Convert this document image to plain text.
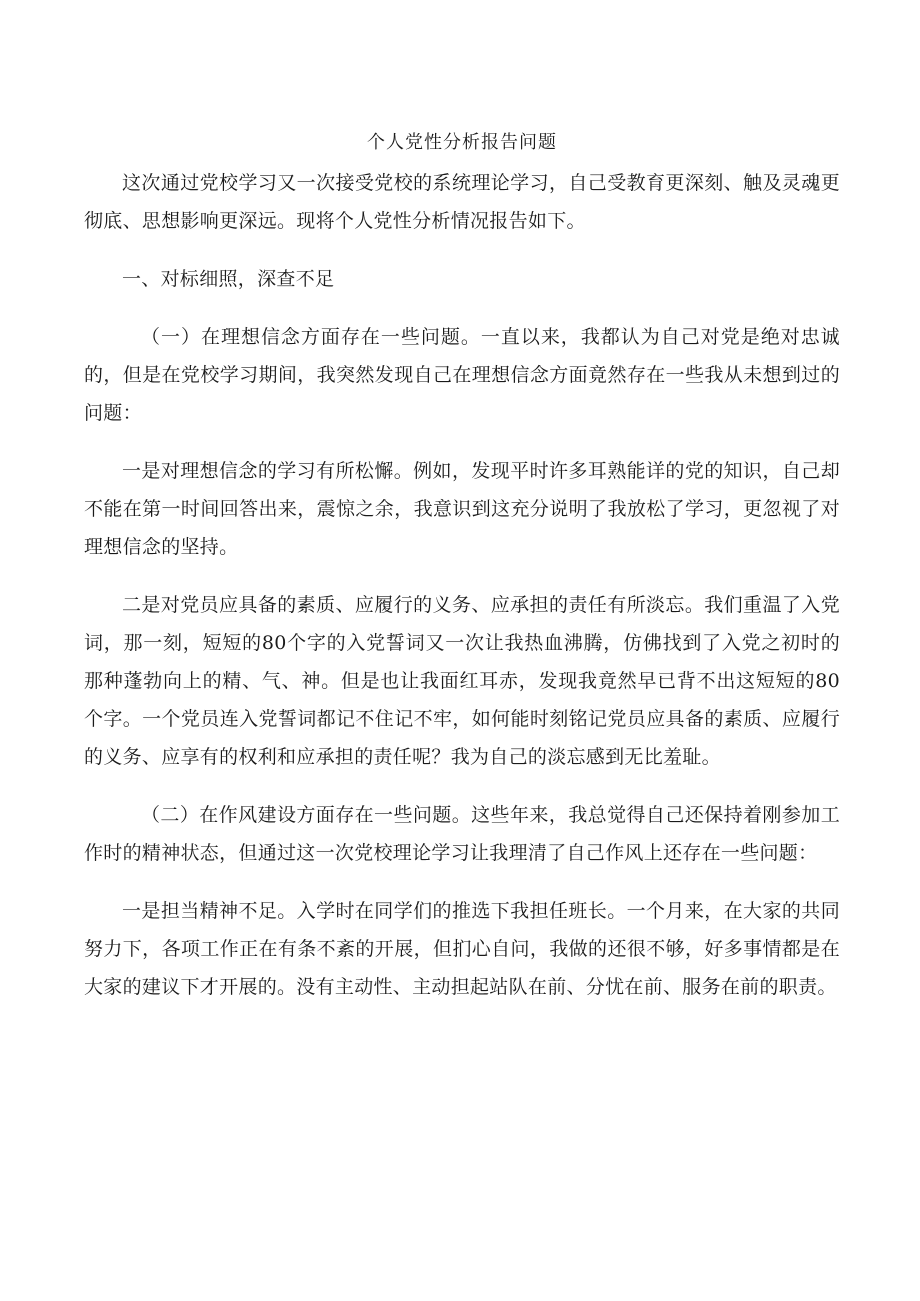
个人党性分析报告问题

这次通过党校学习又一次接受党校的系统理论学习，自己受教育更深刻、触及灵魂更彻底、思想影响更深远。现将个人党性分析情况报告如下。

一、对标细照，深查不足

（一）在理想信念方面存在一些问题。一直以来，我都认为自己对党是绝对忠诚的，但是在党校学习期间，我突然发现自己在理想信念方面竟然存在一些我从未想到过的问题：

一是对理想信念的学习有所松懈。例如，发现平时许多耳熟能详的党的知识，自己却不能在第一时间回答出来，震惊之余，我意识到这充分说明了我放松了学习，更忽视了对理想信念的坚持。

二是对党员应具备的素质、应履行的义务、应承担的责任有所淡忘。我们重温了入党词，那一刻，短短的80个字的入党誓词又一次让我热血沸腾，仿佛找到了入党之初时的那种蓬勃向上的精、气、神。但是也让我面红耳赤，发现我竟然早已背不出这短短的80个字。一个党员连入党誓词都记不住记不牢，如何能时刻铭记党员应具备的素质、应履行的义务、应享有的权利和应承担的责任呢？我为自己的淡忘感到无比羞耻。

（二）在作风建设方面存在一些问题。这些年来，我总觉得自己还保持着刚参加工作时的精神状态，但通过这一次党校理论学习让我理清了自己作风上还存在一些问题：

一是担当精神不足。入学时在同学们的推选下我担任班长。一个月来，在大家的共同努力下，各项工作正在有条不紊的开展，但扪心自问，我做的还很不够，好多事情都是在大家的建议下才开展的。没有主动性、主动担起站队在前、分忧在前、服务在前的职责。
